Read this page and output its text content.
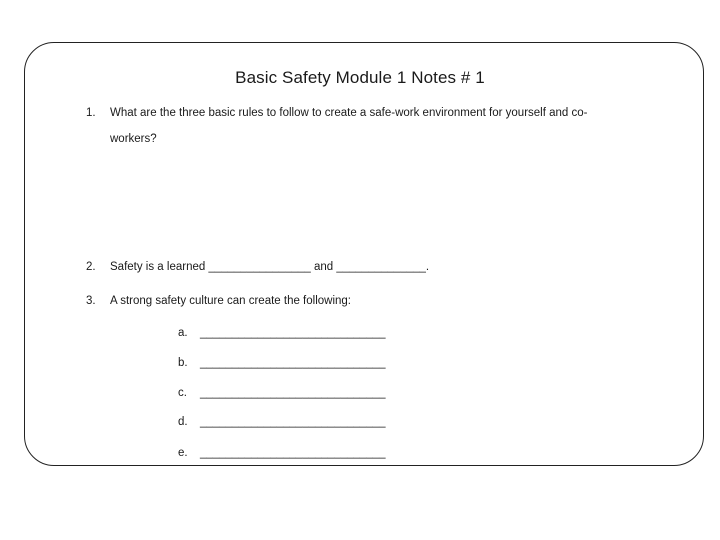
Basic Safety Module 1 Notes # 1
1. What are the three basic rules to follow to create a safe-work environment for yourself and co-workers?
2. Safety is a learned ________________ and ______________.
3. A strong safety culture can create the following:
a. _____________________________
b. _____________________________
c. _____________________________
d. _____________________________
e. _____________________________
